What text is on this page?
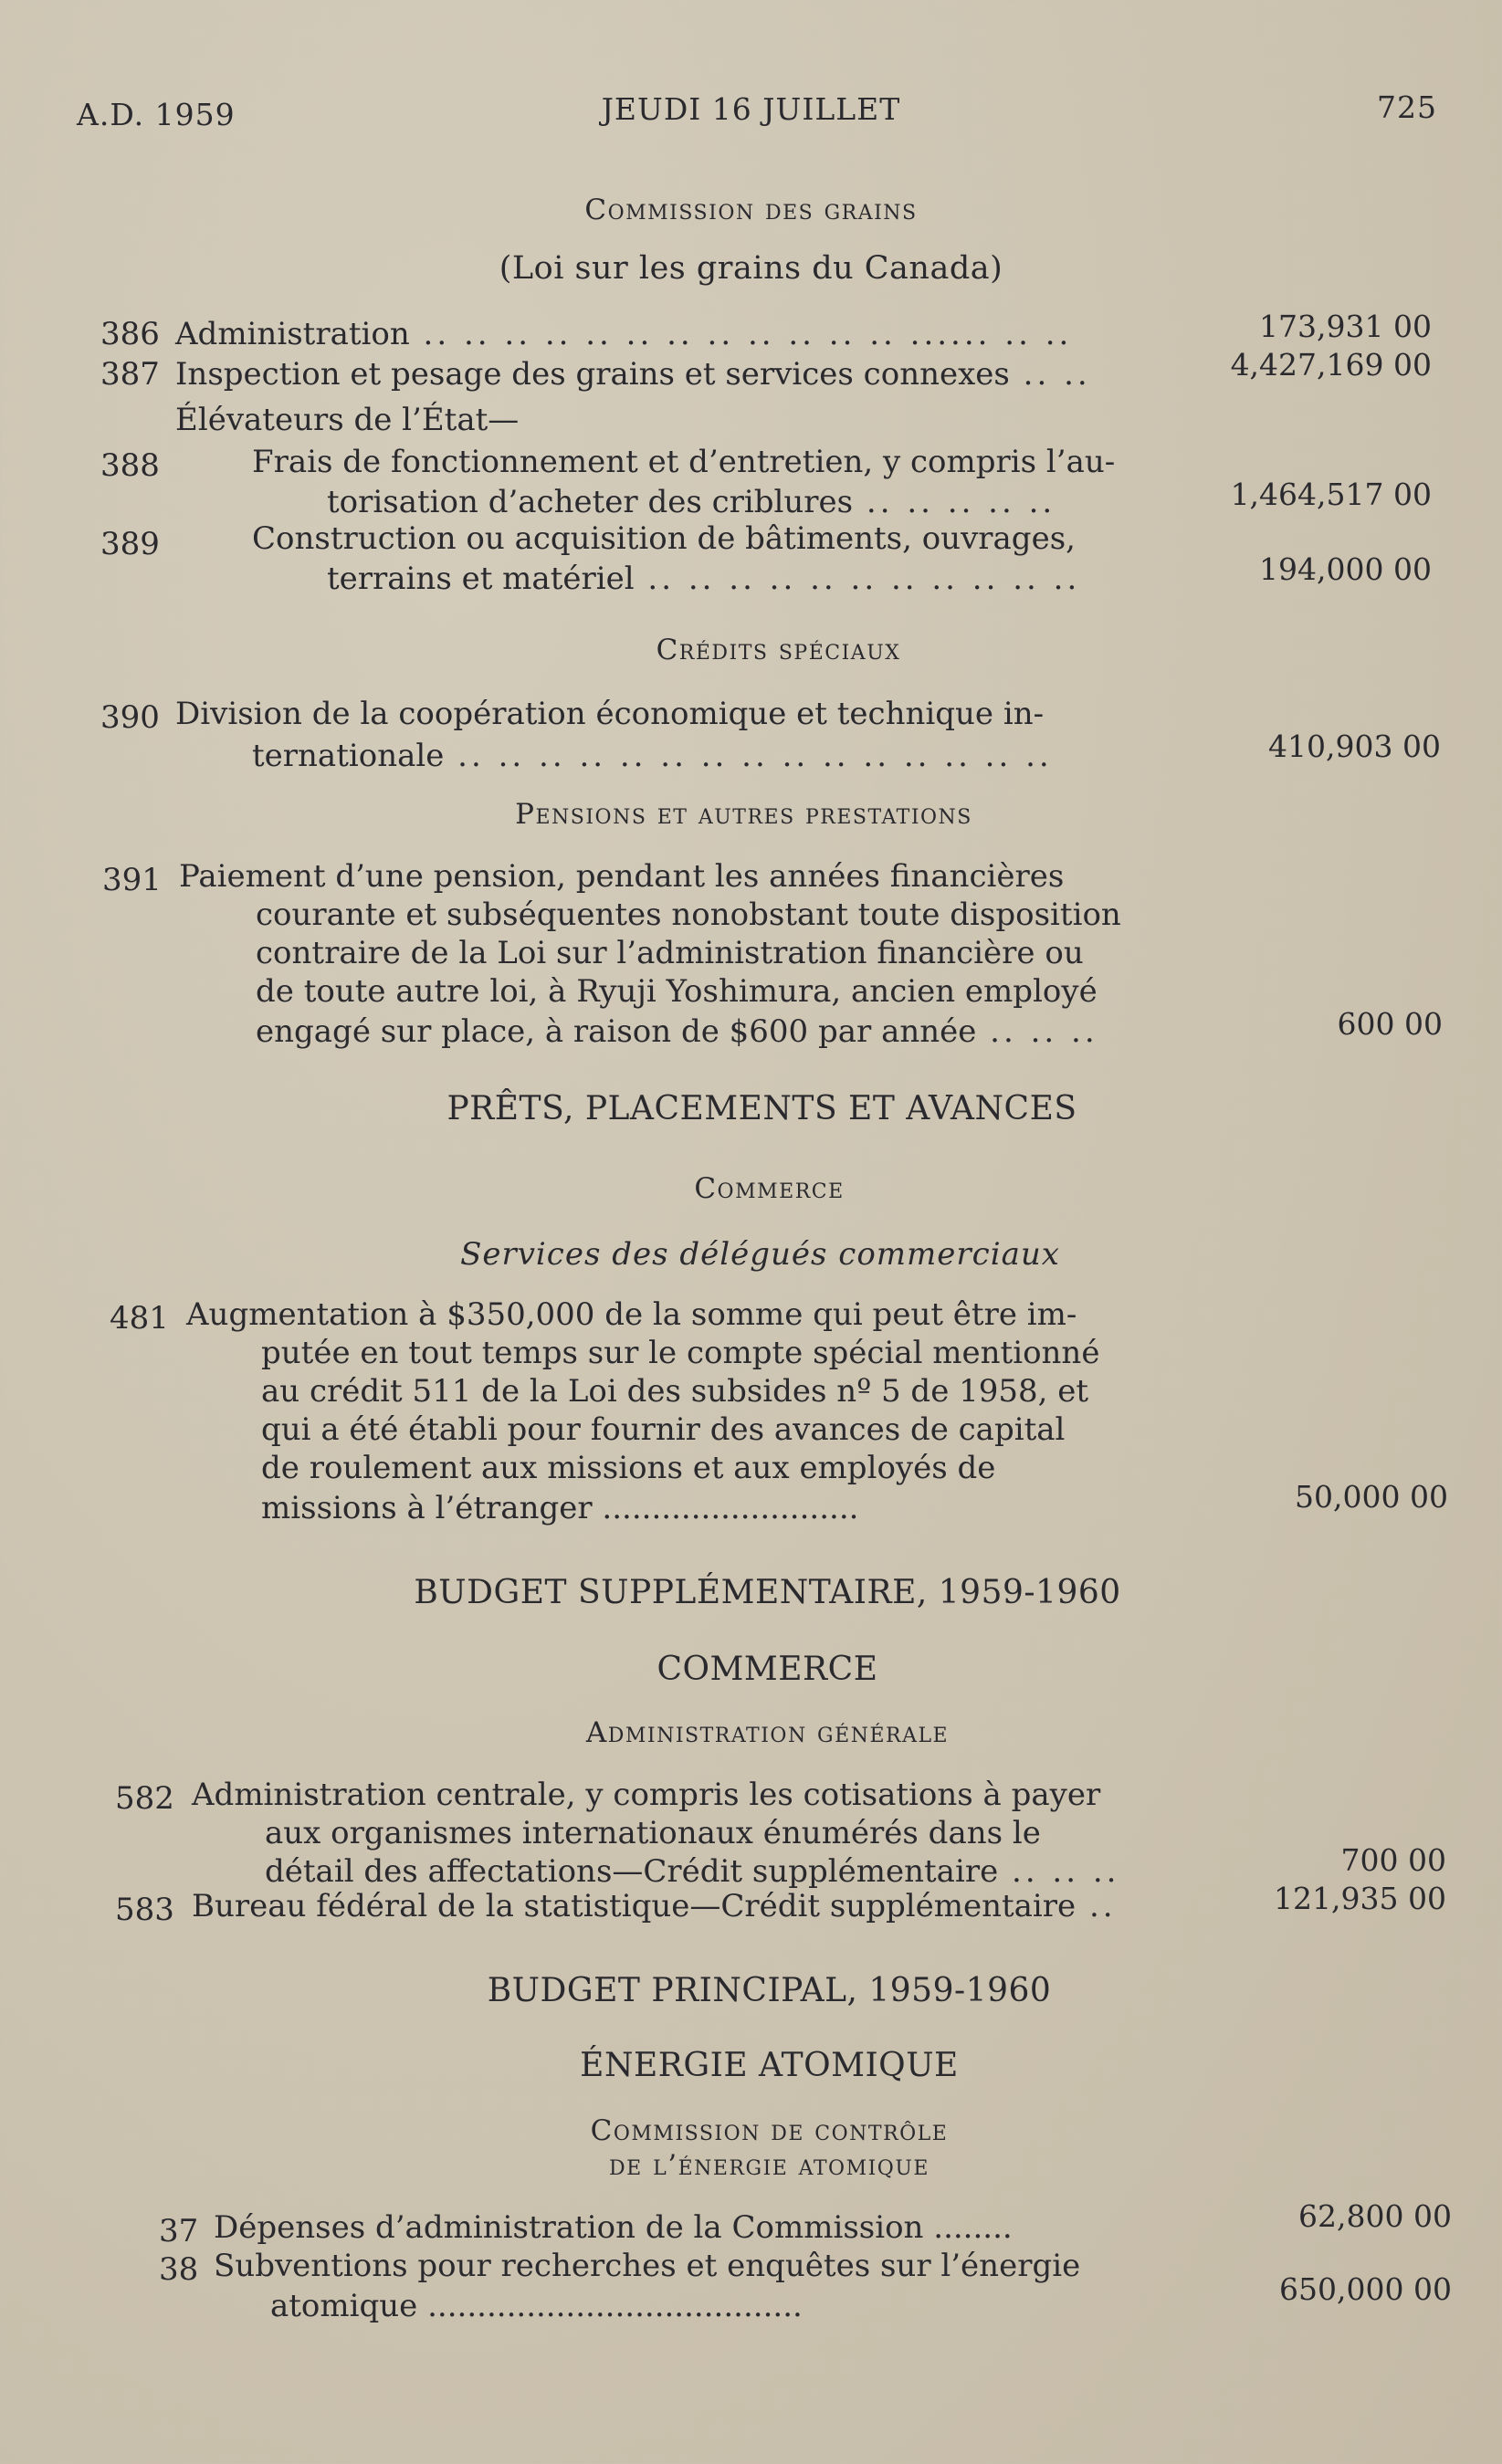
A.D. 1959	JEUDI 16 JUILLET	725
Commission des grains
(Loi sur les grains du Canada)
386 Administration .. .. .. .. .. .. .. .. .. .. .. .. ...... .. ..	173,931 00
387 Inspection et pesage des grains et services connexes .. ..	4,427,169 00
Élévateurs de l’État—
388	Frais de fonctionnement et d’entretien, y compris l’au-
torisation d’acheter des criblures .. .. .. .. ..	1,464,517 00
389	Construction ou acquisition de bâtiments, ouvrages,
terrains et matériel .. .. .. .. .. .. .. .. .. .. ..	194,000 00
Crédits spéciaux
390 Division de la coopération économique et technique in-
ternationale .. .. .. .. .. .. .. .. .. .. .. .. .. .. ..	410,903 00
Pensions et autres prestations
391 Paiement d’une pension, pendant les années financières
courante et subséquentes nonobstant toute disposition
contraire de la Loi sur l’administration financière ou
de toute autre loi, à Ryuji Yoshimura, ancien employé
engagé sur place, à raison de $600 par année .. .. ..	600 00
PRÊTS, PLACEMENTS ET AVANCES
Commerce
Services des délégués commerciaux
481 Augmentation à $350,000 de la somme qui peut être im-
putée en tout temps sur le compte spécial mentionné
au crédit 511 de la Loi des subsides nº 5 de 1958, et
qui a été établi pour fournir des avances de capital
de roulement aux missions et aux employés de
missions à l’étranger ..........................	50,000 00
BUDGET SUPPLÉMENTAIRE, 1959-1960
COMMERCE
Administration générale
582 Administration centrale, y compris les cotisations à payer
aux organismes internationaux énumérés dans le
détail des affectations—Crédit supplémentaire .. .. ..	700 00
583 Bureau fédéral de la statistique—Crédit supplémentaire ..	121,935 00
BUDGET PRINCIPAL, 1959-1960
ÉNERGIE ATOMIQUE
Commission de contrôle
de l’énergie atomique
37 Dépenses d’administration de la Commission ........	62,800 00
38 Subventions pour recherches et enquêtes sur l’énergie
atomique ......................................	650,000 00
